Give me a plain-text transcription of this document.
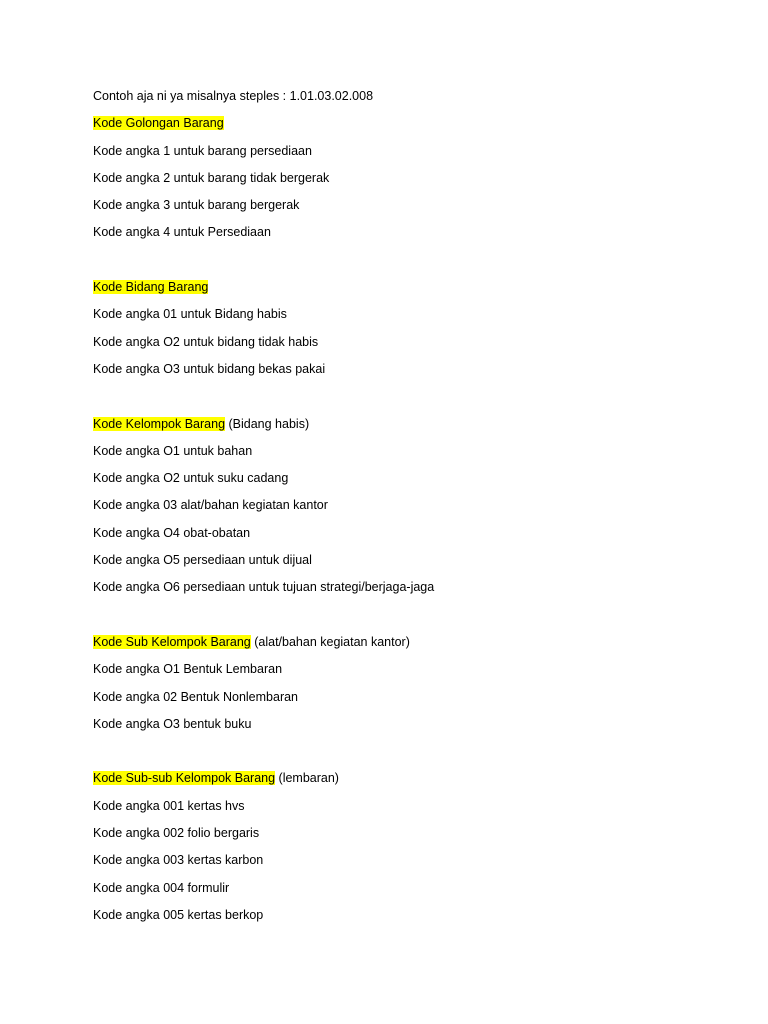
Contoh aja ni ya misalnya steples : 1.01.03.02.008
Kode Golongan Barang
Kode angka 1 untuk barang persediaan
Kode angka 2 untuk barang tidak bergerak
Kode angka 3 untuk barang bergerak
Kode angka 4 untuk Persediaan
Kode Bidang Barang
Kode angka 01 untuk Bidang habis
Kode angka O2 untuk bidang tidak habis
Kode angka O3 untuk bidang bekas pakai
Kode Kelompok Barang (Bidang habis)
Kode angka O1 untuk bahan
Kode angka O2 untuk suku cadang
Kode angka 03 alat/bahan kegiatan kantor
Kode angka O4 obat-obatan
Kode angka O5 persediaan untuk dijual
Kode angka O6 persediaan untuk tujuan strategi/berjaga-jaga
Kode Sub Kelompok Barang (alat/bahan kegiatan kantor)
Kode angka O1 Bentuk Lembaran
Kode angka 02 Bentuk Nonlembaran
Kode angka O3 bentuk buku
Kode Sub-sub Kelompok Barang (lembaran)
Kode angka 001 kertas hvs
Kode angka 002 folio bergaris
Kode angka 003 kertas karbon
Kode angka 004 formulir
Kode angka 005 kertas berkop
